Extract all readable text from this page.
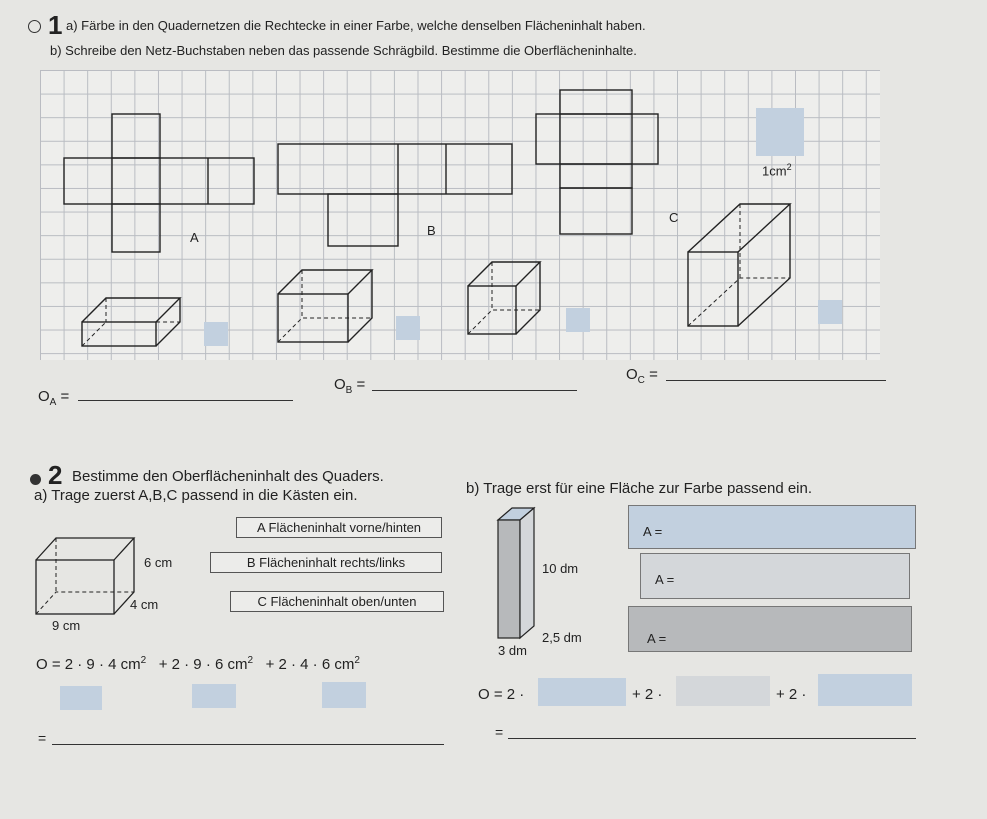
1 a) Färbe in den Quadernetzen die Rechtecke in einer Farbe, welche denselben Flächeninhalt haben.
b) Schreibe den Netz-Buchstaben neben das passende Schrägbild. Bestimme die Oberflächeninhalte.
A	B
C
$1cm^2$
$O_A$ =
$O_B$ =
$O_C$ =
2 Bestimme den Oberflächeninhalt des Quaders.
a) Trage zuerst A,B,C passend in die Kästen ein.	b) Trage erst für eine Fläche zur Farbe passend ein.
A Flächeninhalt vorne/hinten
B Flächeninhalt rechts/links
C Flächeninhalt oben/unten
6 cm
4 cm
9 cm
10 dm
2,5 dm
3 dm
O = 2 · 9 · 4 $cm^2 + 2 \cdot 9 \cdot 6$ $cm^2 + 2 \cdot 4 \cdot 6$ $cm^2$
=
A =
A =
A =
O = 2 ·	+ 2 ·	+ 2 ·
=
